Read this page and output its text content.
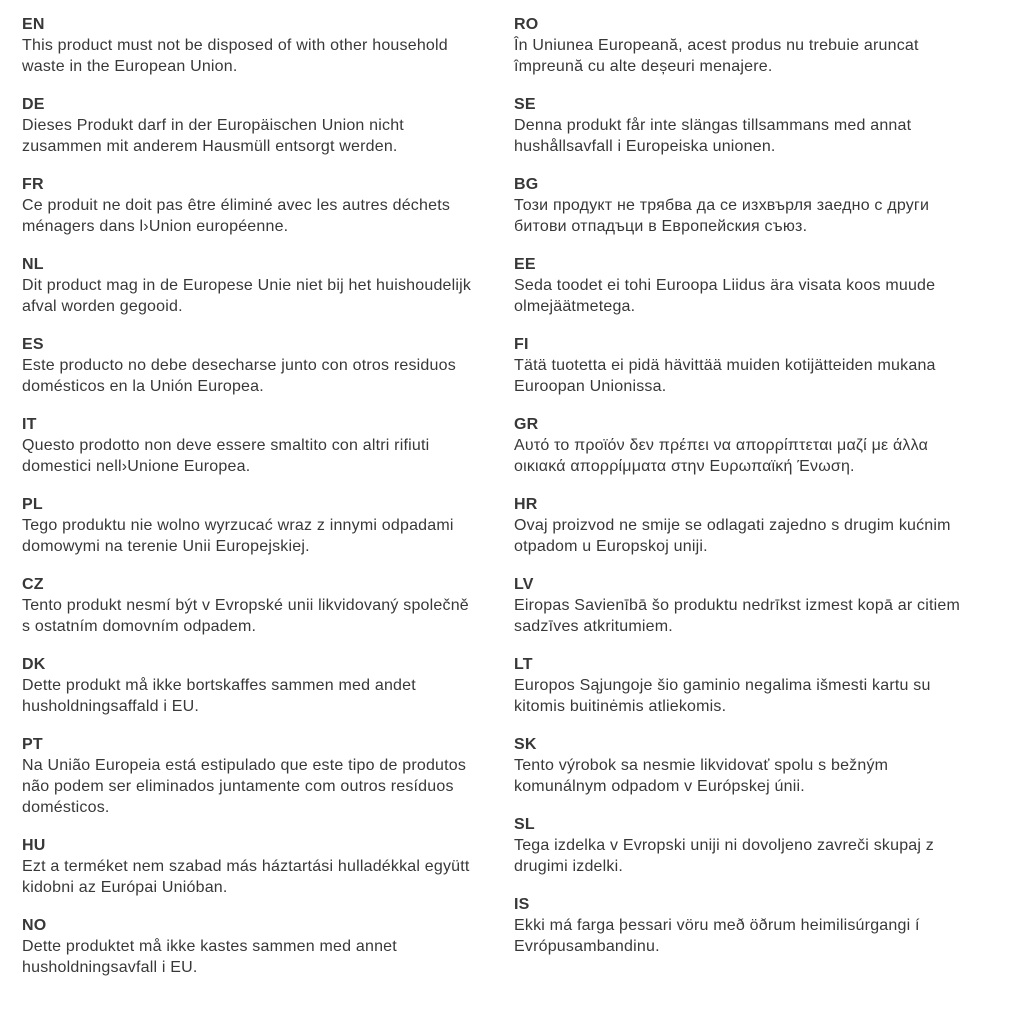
EN

This product must not be disposed of with other household
waste in the European Union.

DE

Dieses Produkt darf in der Europäischen Union nicht
zusammen mit anderem Hausmüll entsorgt werden.

FR

Ce produit ne doit pas être éliminé avec les autres déchets
ménagers dans l›Union européenne.

NL

Dit product mag in de Europese Unie niet bij het huishoudelijk
afval worden gegooid.

ES

Este producto no debe desecharse junto con otros residuos
domésticos en la Unión Europea.

IT

Questo prodotto non deve essere smaltito con altri rifiuti
domestici nell›Unione Europea.

PL

Tego produktu nie wolno wyrzucać wraz z innymi odpadami
domowymi na terenie Unii Europejskiej.

CZ

Tento produkt nesmí být v Evropské unii likvidovaný společně
s ostatním domovním odpadem.

DK

Dette produkt må ikke bortskaffes sammen med andet
husholdningsaffald i EU.

PT

Na União Europeia está estipulado que este tipo de produtos
não podem ser eliminados juntamente com outros resíduos
domésticos.

HU

Ezt a terméket nem szabad más háztartási hulladékkal együtt
kidobni az Európai Unióban.

NO

Dette produktet må ikke kastes sammen med annet
husholdningsavfall i EU.

RO

În Uniunea Europeană, acest produs nu trebuie aruncat
împreună cu alte deșeuri menajere.

SE

Denna produkt får inte slängas tillsammans med annat
hushållsavfall i Europeiska unionen.

BG

Този продукт не трябва да се изхвърля заедно с други
битови отпадъци в Европейския съюз.

EE

Seda toodet ei tohi Euroopa Liidus ära visata koos muude
olmejäätmetega.

FI

Tätä tuotetta ei pidä hävittää muiden kotijätteiden mukana
Euroopan Unionissa.

GR

Αυτό το προϊόν δεν πρέπει να απορρίπτεται μαζί με άλλα
οικιακά απορρίμματα στην Ευρωπαϊκή Ένωση.

HR

Ovaj proizvod ne smije se odlagati zajedno s drugim kućnim
otpadom u Europskoj uniji.

LV

Eiropas Savienībā šo produktu nedrīkst izmest kopā ar citiem
sadzīves atkritumiem.

LT

Europos Sąjungoje šio gaminio negalima išmesti kartu su
kitomis buitinėmis atliekomis.

SK

Tento výrobok sa nesmie likvidovať spolu s bežným
komunálnym odpadom v Európskej únii.

SL

Tega izdelka v Evropski uniji ni dovoljeno zavreči skupaj z
drugimi izdelki.

IS

Ekki má farga þessari vöru með öðrum heimilisúrgangi í
Evrópusambandinu.
